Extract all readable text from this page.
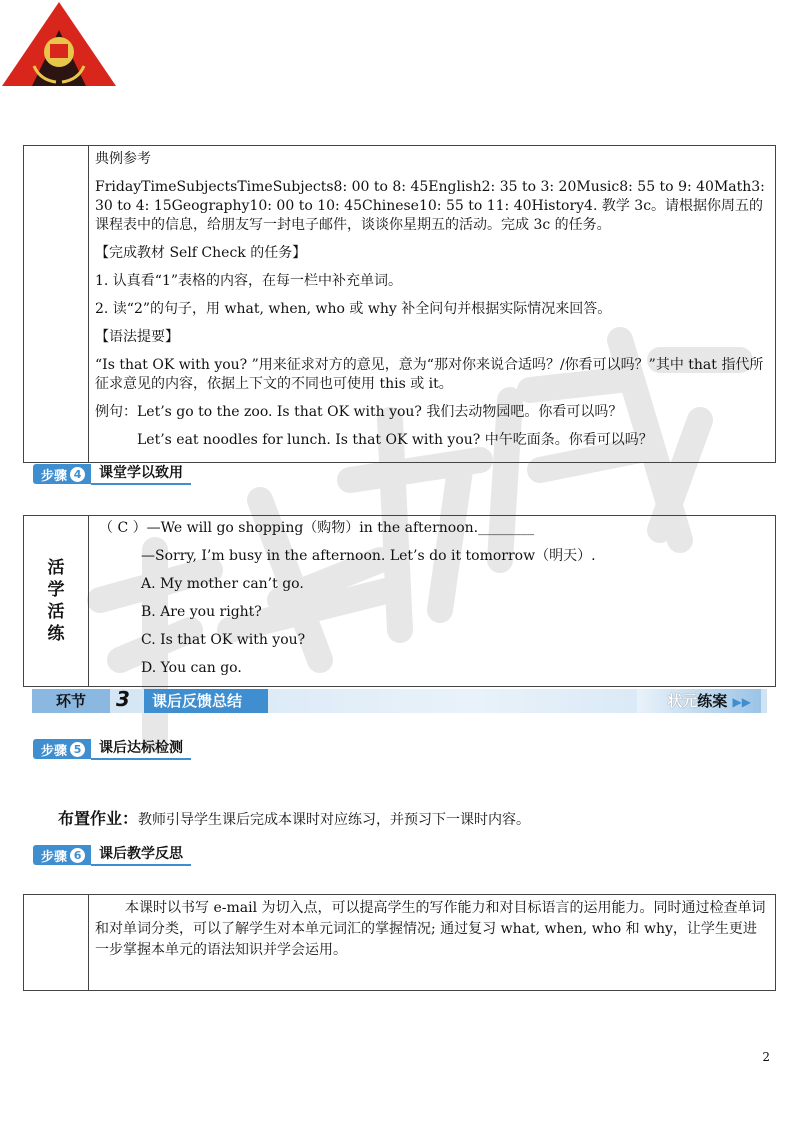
典例参考

FridayTimeSubjectsTimeSubjects8: 00 to 8: 45English2: 35 to 3: 20Music8: 55 to 9: 40Math3: 30 to 4: 15Geography10: 00 to 10: 45Chinese10: 55 to 11: 40History4. 教学 3c。请根据你周五的课程表中的信息，给朋友写一封电子邮件，谈谈你星期五的活动。完成 3c 的任务。

【完成教材 Self Check 的任务】

1. 认真看“1”表格的内容，在每一栏中补充单词。

2. 读“2”的句子，用 what, when, who 或 why 补全问句并根据实际情况来回答。

【语法提要】

“Is that OK with you? ”用来征求对方的意见，意为“那对你来说合适吗？/你看可以吗？”其中 that 指代所征求意见的内容，依据上下文的不同也可使用 this 或 it。

例句：Let’s go to the zoo. Is that OK with you? 我们去动物园吧。你看可以吗？

Let’s eat noodles for lunch. Is that OK with you? 中午吃面条。你看可以吗？

步骤 4	课堂学以致用
活
学
活
练

（ C ）—We will go shopping（购物）in the afternoon.________

—Sorry, I’m busy in the afternoon. Let’s do it tomorrow（明天）.

A. My mother can’t go.

B. Are you right?

C. Is that OK with you?

D. You can go.

环节	3	课后反馈总结	状元练案 ▶▶
步骤 5	课后达标检测
布置作业：教师引导学生课后完成本课时对应练习，并预习下一课时内容。
步骤 6	课后教学反思
	本课时以书写 e-mail 为切入点，可以提高学生的写作能力和对目标语言的运用能力。同时通过检查单词和对单词分类，可以了解学生对本单元词汇的掌握情况; 通过复习 what, when, who 和 why，让学生更进一步掌握本单元的语法知识并学会运用。
2
